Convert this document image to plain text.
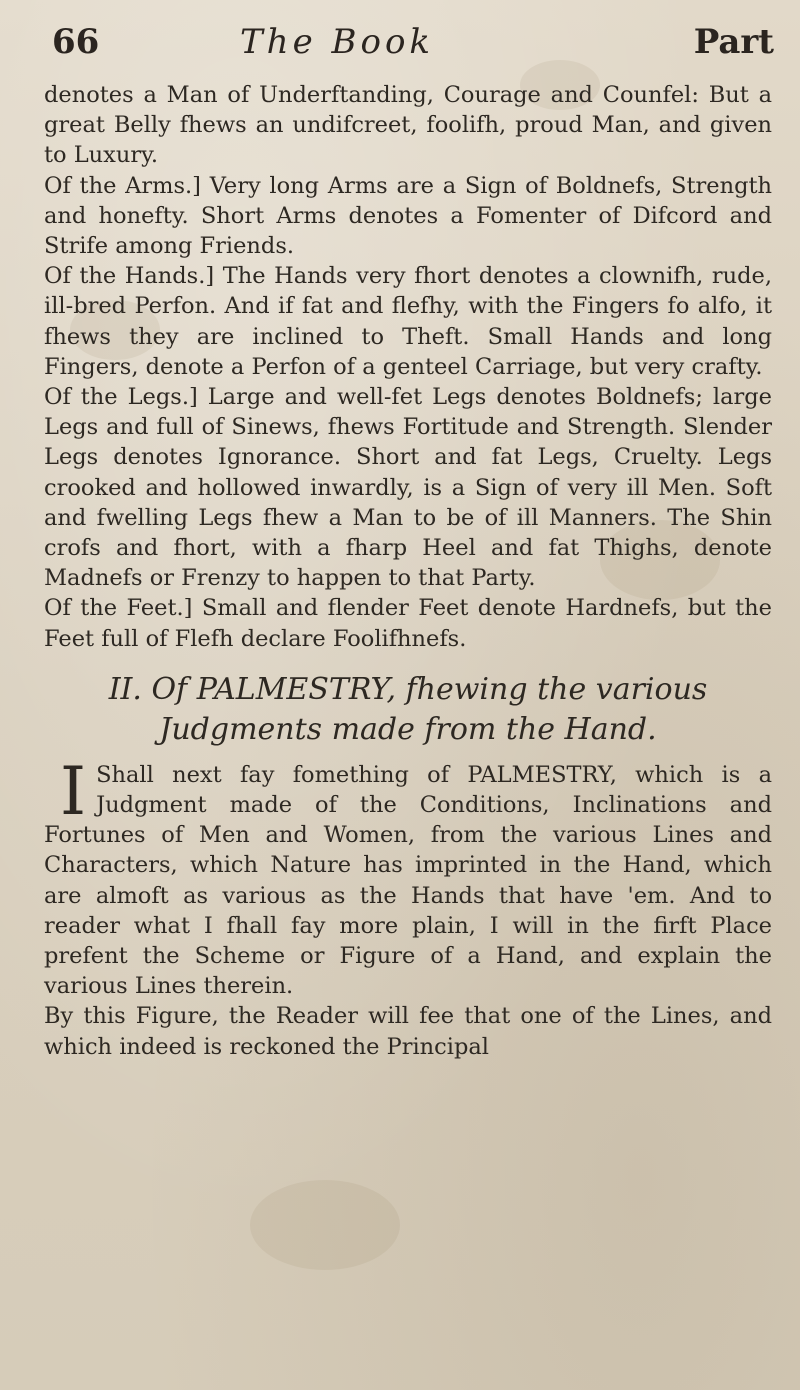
66	The Book	Part

denotes a Man of Underftanding, Courage and Counfel: But a great Belly fhews an undifcreet, foolifh, proud Man, and given to Luxury.

Of the Arms.] Very long Arms are a Sign of Boldnefs, Strength and honefty. Short Arms denotes a Fomenter of Difcord and Strife among Friends.

Of the Hands.] The Hands very fhort denotes a clownifh, rude, ill-bred Perfon. And if fat and flefhy, with the Fingers fo alfo, it fhews they are inclined to Theft. Small Hands and long Fingers, denote a Perfon of a genteel Carriage, but very crafty.

Of the Legs.] Large and well-fet Legs denotes Boldnefs; large Legs and full of Sinews, fhews Fortitude and Strength. Slender Legs denotes Ignorance. Short and fat Legs, Cruelty. Legs crooked and hollowed inwardly, is a Sign of very ill Men. Soft and fwelling Legs fhew a Man to be of ill Manners. The Shin crofs and fhort, with a fharp Heel and fat Thighs, denote Madnefs or Frenzy to happen to that Party.

Of the Feet.] Small and flender Feet denote Hardnefs, but the Feet full of Flefh declare Foolifhnefs.

II. Of PALMESTRY, fhewing the various Judgments made from the Hand.

I Shall next fay fomething of PALMESTRY, which is a Judgment made of the Conditions, Inclinations and Fortunes of Men and Women, from the various Lines and Characters, which Nature has imprinted in the Hand, which are almoft as various as the Hands that have 'em. And to reader what I fhall fay more plain, I will in the firft Place prefent the Scheme or Figure of a Hand, and explain the various Lines therein.

By this Figure, the Reader will fee that one of the Lines, and which indeed is reckoned the Principal
